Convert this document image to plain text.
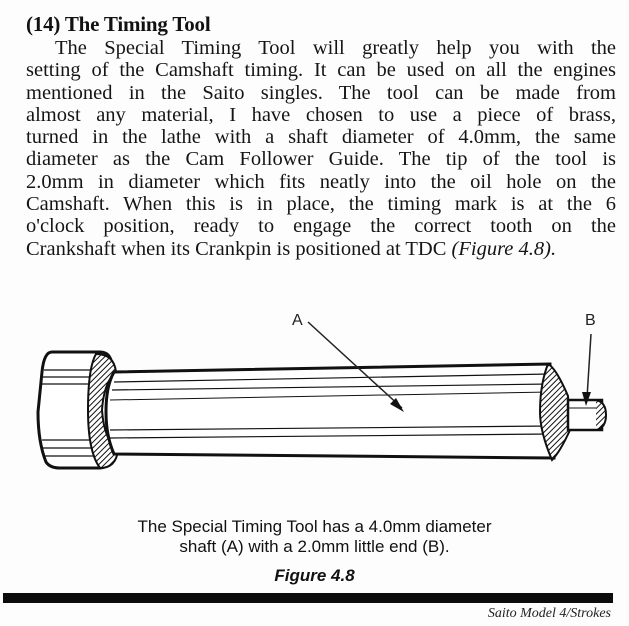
(14) The Timing Tool
The Special Timing Tool will greatly help you with the
setting of the Camshaft timing. It can be used on all the engines
mentioned in the Saito singles. The tool can be made from
almost any material, I have chosen to use a piece of brass,
turned in the lathe with a shaft diameter of 4.0mm, the same
diameter as the Cam Follower Guide. The tip of the tool is
2.0mm in diameter which fits neatly into the oil hole on the
Camshaft. When this is in place, the timing mark is at the 6
o'clock position, ready to engage the correct tooth on the
Crankshaft when its Crankpin is positioned at TDC (Figure 4.8).
A	B
The Special Timing Tool has a 4.0mm diameter
shaft (A) with a 2.0mm little end (B).
Figure 4.8
Saito Model 4/Strokes
